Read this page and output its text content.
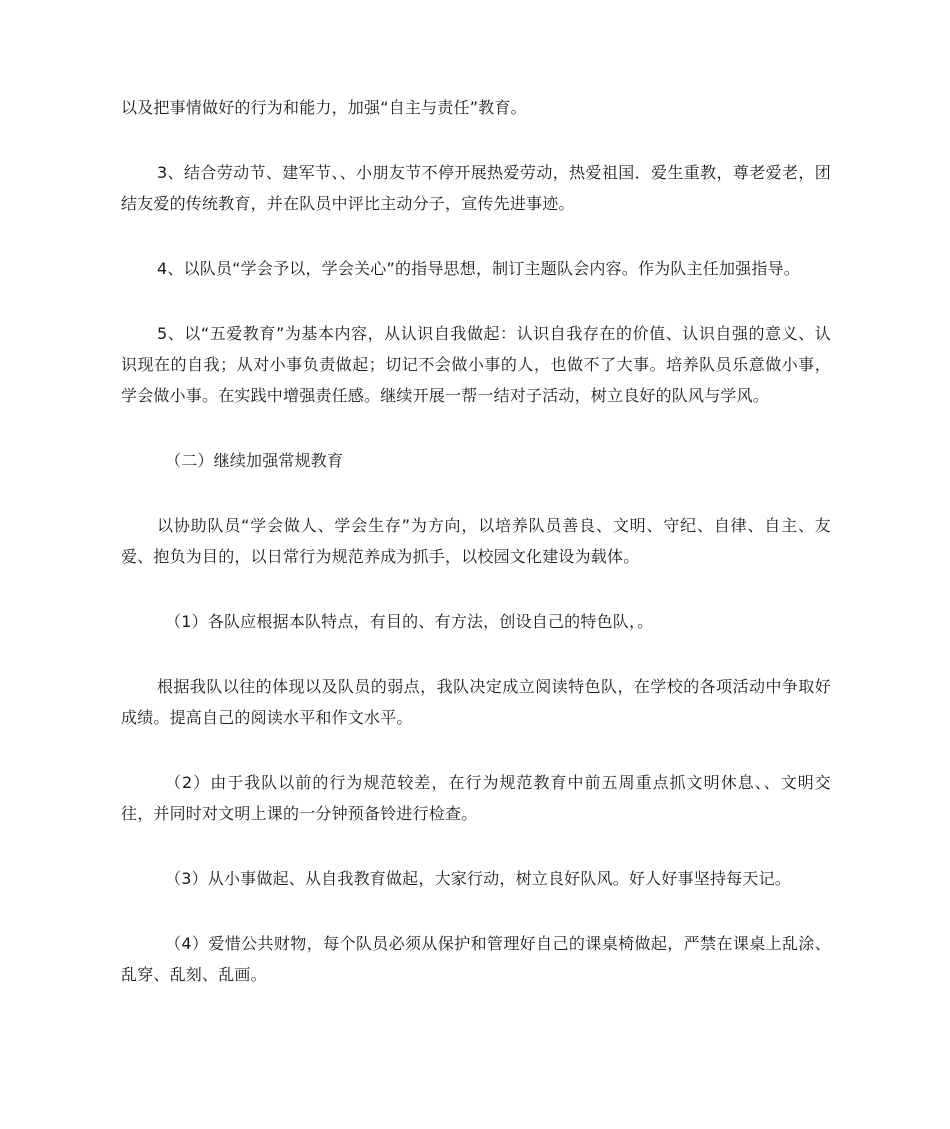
以及把事情做好的行为和能力，加强“自主与责任”教育。

3、结合劳动节、建军节、、小朋友节不停开展热爱劳动，热爱祖国．爱生重教，尊老爱老，团结友爱的传统教育，并在队员中评比主动分子，宣传先进事迹。

4、以队员“学会予以，学会关心”的指导思想，制订主题队会内容。作为队主任加强指导。

5、以“五爱教育”为基本内容，从认识自我做起：认识自我存在的价值、认识自强的意义、认识现在的自我；从对小事负责做起；切记不会做小事的人，也做不了大事。培养队员乐意做小事，学会做小事。在实践中增强责任感。继续开展一帮一结对子活动，树立良好的队风与学风。

（二）继续加强常规教育

以协助队员“学会做人、学会生存”为方向，以培养队员善良、文明、守纪、自律、自主、友爱、抱负为目的，以日常行为规范养成为抓手，以校园文化建设为载体。

（1）各队应根据本队特点，有目的、有方法，创设自己的特色队，。

根据我队以往的体现以及队员的弱点，我队决定成立阅读特色队，在学校的各项活动中争取好成绩。提高自己的阅读水平和作文水平。

（2）由于我队以前的行为规范较差，在行为规范教育中前五周重点抓文明休息、、文明交往，并同时对文明上课的一分钟预备铃进行检查。

（3）从小事做起、从自我教育做起，大家行动，树立良好队风。好人好事坚持每天记。

（4）爱惜公共财物，每个队员必须从保护和管理好自己的课桌椅做起，严禁在课桌上乱涂、乱穿、乱刻、乱画。
